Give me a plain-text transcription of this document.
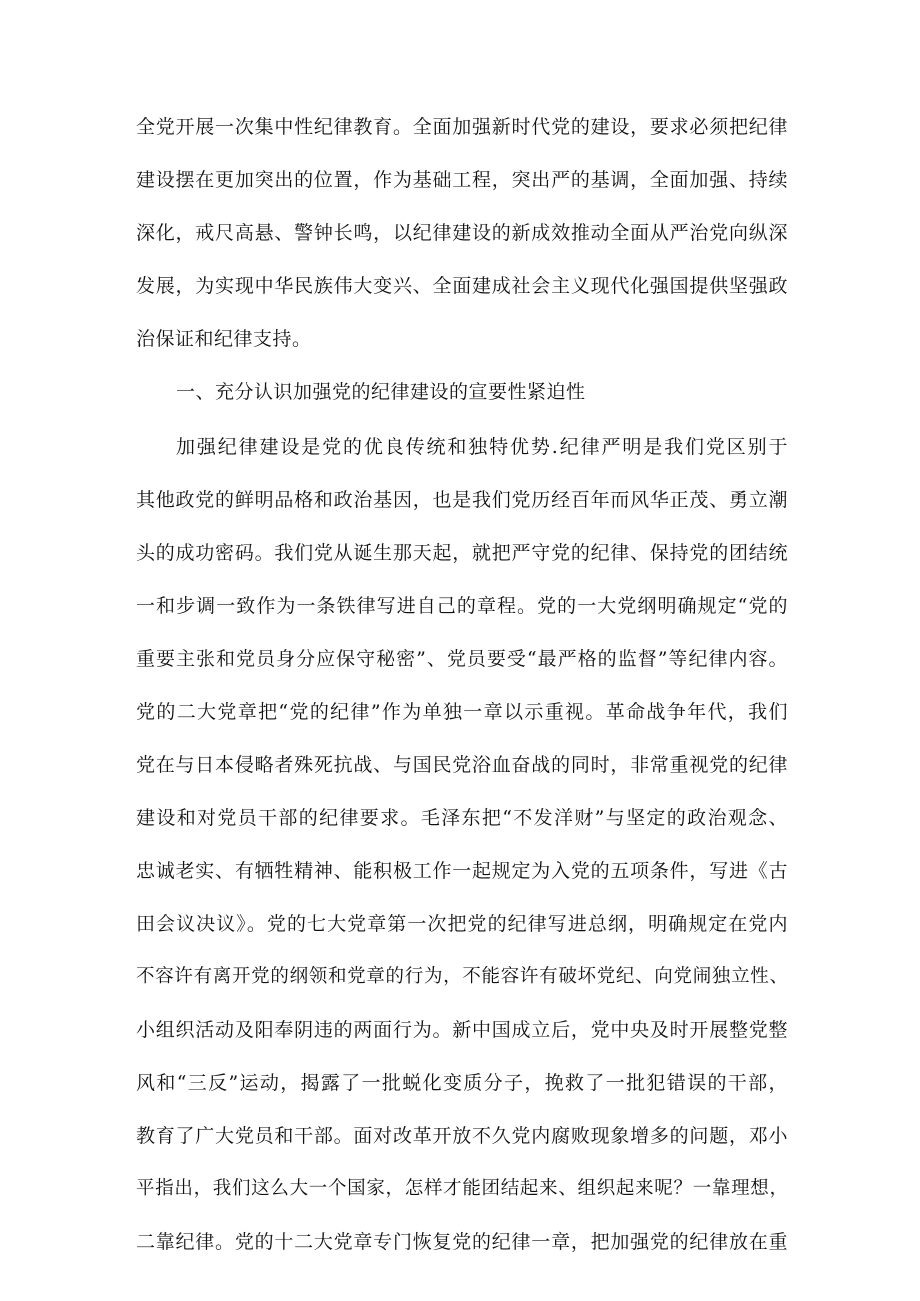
全党开展一次集中性纪律教育。全面加强新时代党的建设，要求必须把纪律

建设摆在更加突出的位置，作为基础工程，突出严的基调，全面加强、持续

深化，戒尺高悬、警钟长鸣，以纪律建设的新成效推动全面从严治党向纵深

发展，为实现中华民族伟大变兴、全面建成社会主义现代化强国提供坚强政

治保证和纪律支持。

一、充分认识加强党的纪律建设的宣要性紧迫性

加强纪律建设是党的优良传统和独特优势.纪律严明是我们党区别于

其他政党的鲜明品格和政治基因，也是我们党历经百年而风华正茂、勇立潮

头的成功密码。我们党从诞生那天起，就把严守党的纪律、保持党的团结统

一和步调一致作为一条铁律写进自己的章程。党的一大党纲明确规定“党的

重要主张和党员身分应保守秘密”、党员要受“最严格的监督”等纪律内容。

党的二大党章把“党的纪律”作为单独一章以示重视。革命战争年代，我们

党在与日本侵略者殊死抗战、与国民党浴血奋战的同时，非常重视党的纪律

建设和对党员干部的纪律要求。毛泽东把“不发洋财”与坚定的政治观念、

忠诚老实、有牺牲精神、能积极工作一起规定为入党的五项条件，写进《古

田会议决议》。党的七大党章第一次把党的纪律写进总纲，明确规定在党内

不容许有离开党的纲领和党章的行为，不能容许有破坏党纪、向党闹独立性、

小组织活动及阳奉阴违的两面行为。新中国成立后，党中央及时开展整党整

风和“三反”运动，揭露了一批蜕化变质分子，挽救了一批犯错误的干部，

教育了广大党员和干部。面对改革开放不久党内腐败现象增多的问题，邓小

平指出，我们这么大一个国家，怎样才能团结起来、组织起来呢？一靠理想，

二靠纪律。党的十二大党章专门恢复党的纪律一章，把加强党的纪律放在重
